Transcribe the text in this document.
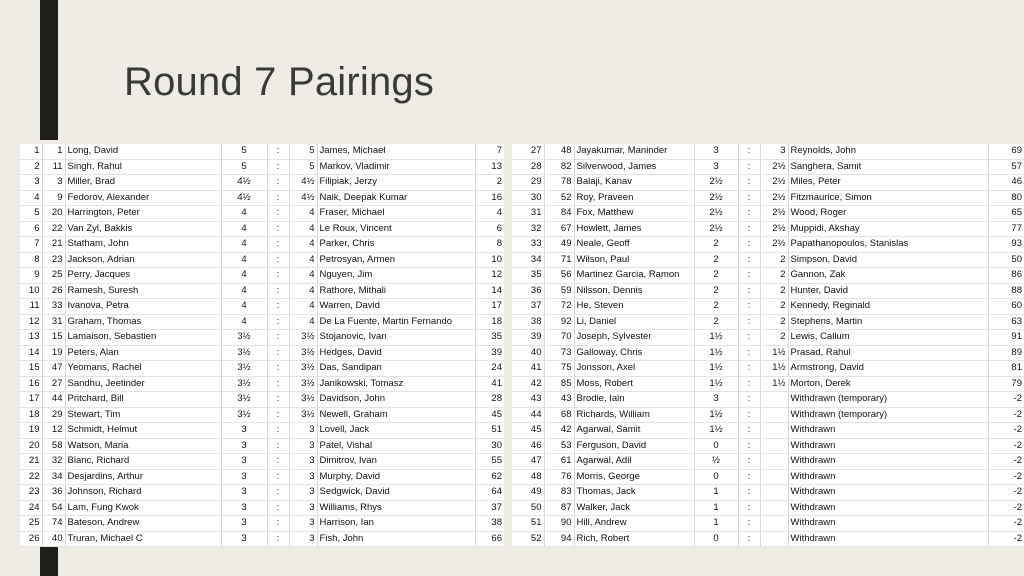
Round 7 Pairings
1	1	Long, David	5	:	5	James, Michael	7
2	11	Singh, Rahul	5	:	5	Markov, Vladimir	13
3	3	Miller, Brad	4½	:	4½	Filipiak, Jerzy	2
4	9	Fedorov, Alexander	4½	:	4½	Naik, Deepak Kumar	16
5	20	Harrington, Peter	4	:	4	Fraser, Michael	4
6	22	Van Zyl, Bakkis	4	:	4	Le Roux, Vincent	6
7	21	Statham, John	4	:	4	Parker, Chris	8
8	23	Jackson, Adrian	4	:	4	Petrosyan, Armen	10
9	25	Perry, Jacques	4	:	4	Nguyen, Jim	12
10	26	Ramesh, Suresh	4	:	4	Rathore, Mithali	14
11	33	Ivanova, Petra	4	:	4	Warren, David	17
12	31	Graham, Thomas	4	:	4	De La Fuente, Martin Fernando	18
13	15	Lamaison, Sebastien	3½	:	3½	Stojanovic, Ivan	35
14	19	Peters, Alan	3½	:	3½	Hedges, David	39
15	47	Yeomans, Rachel	3½	:	3½	Das, Sandipan	24
16	27	Sandhu, Jeetinder	3½	:	3½	Janikowski, Tomasz	41
17	44	Pritchard, Bill	3½	:	3½	Davidson, John	28
18	29	Stewart, Tim	3½	:	3½	Newell, Graham	45
19	12	Schmidt, Helmut	3	:	3	Lovell, Jack	51
20	58	Watson, Maria	3	:	3	Patel, Vishal	30
21	32	Blanc, Richard	3	:	3	Dimitrov, Ivan	55
22	34	Desjardins, Arthur	3	:	3	Murphy, David	62
23	36	Johnson, Richard	3	:	3	Sedgwick, David	64
24	54	Lam, Fung Kwok	3	:	3	Williams, Rhys	37
25	74	Bateson, Andrew	3	:	3	Harrison, Ian	38
26	40	Truran, Michael C	3	:	3	Fish, John	66
27	48	Jayakumar, Maninder	3	:	3	Reynolds, John	69
28	82	Silverwood, James	3	:	2½	Sanghera, Samit	57
29	78	Balaji, Kanav	2½	:	2½	Miles, Peter	46
30	52	Roy, Praveen	2½	:	2½	Fitzmaurice, Simon	80
31	84	Fox, Matthew	2½	:	2½	Wood, Roger	65
32	67	Howlett, James	2½	:	2½	Muppidi, Akshay	77
33	49	Neale, Geoff	2	:	2½	Papathanopoulos, Stanislas	93
34	71	Wilson, Paul	2	:	2	Simpson, David	50
35	56	Martinez Garcia, Ramon	2	:	2	Gannon, Zak	86
36	59	Nilsson, Dennis	2	:	2	Hunter, David	88
37	72	He, Steven	2	:	2	Kennedy, Reginald	60
38	92	Li, Daniel	2	:	2	Stephens, Martin	63
39	70	Joseph, Sylvester	1½	:	2	Lewis, Callum	91
40	73	Galloway, Chris	1½	:	1½	Prasad, Rahul	89
41	75	Jonsson, Axel	1½	:	1½	Armstrong, David	81
42	85	Moss, Robert	1½	:	1½	Morton, Derek	79
43	43	Brodie, Iain	3	:		Withdrawn (temporary)	-2
44	68	Richards, William	1½	:		Withdrawn (temporary)	-2
45	42	Agarwal, Samit	1½	:		Withdrawn	-2
46	53	Ferguson, David	0	:		Withdrawn	-2
47	61	Agarwal, Adil	½	:		Withdrawn	-2
48	76	Morris, George	0	:		Withdrawn	-2
49	83	Thomas, Jack	1	:		Withdrawn	-2
50	87	Walker, Jack	1	:		Withdrawn	-2
51	90	Hill, Andrew	1	:		Withdrawn	-2
52	94	Rich, Robert	0	:		Withdrawn	-2
